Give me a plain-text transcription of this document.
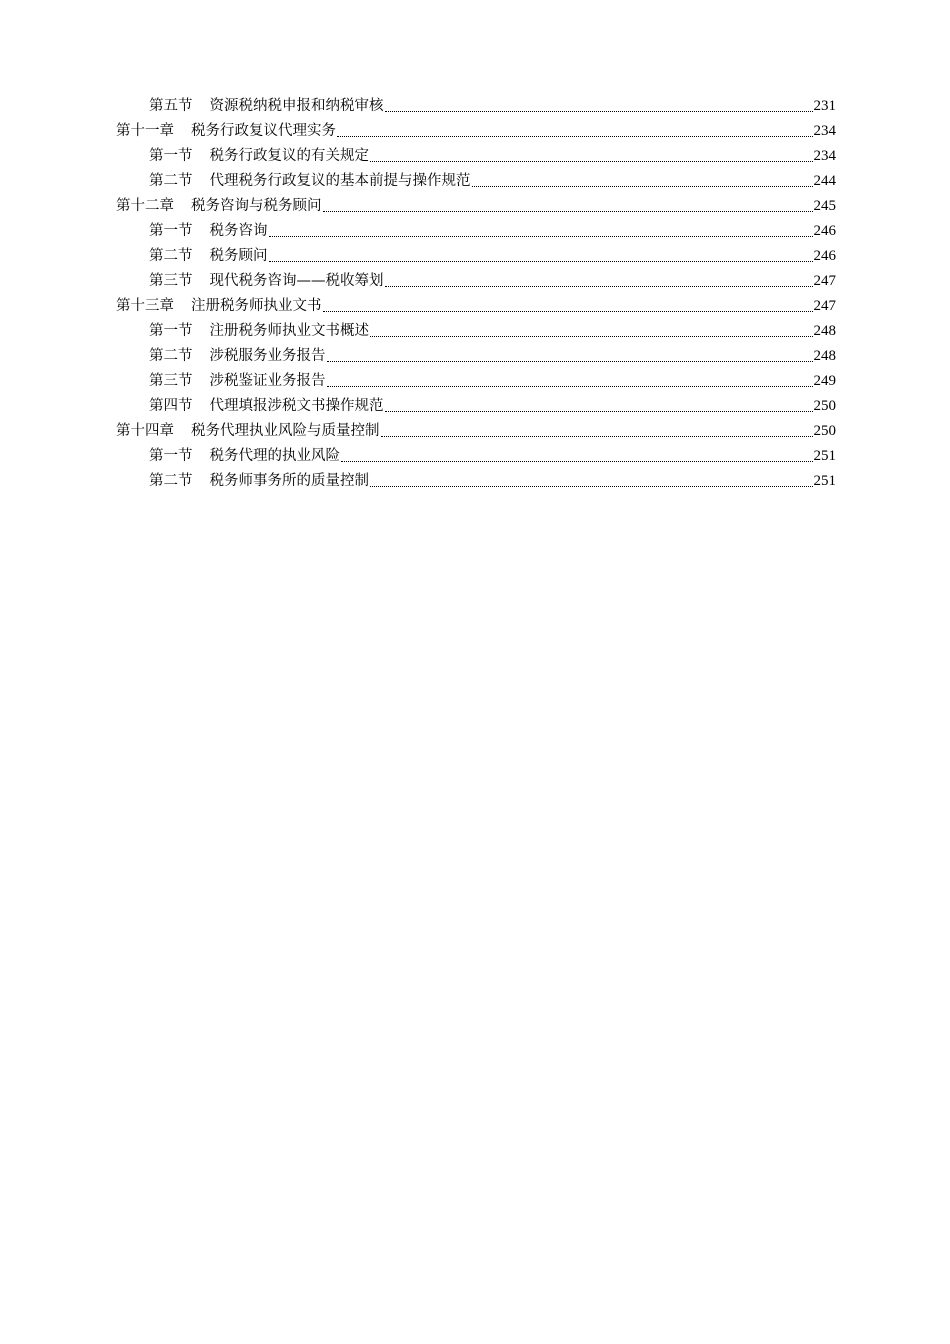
第五节 资源税纳税申报和纳税审核	231
第十一章 税务行政复议代理实务	234
第一节 税务行政复议的有关规定	234
第二节 代理税务行政复议的基本前提与操作规范	244
第十二章 税务咨询与税务顾问	245
第一节 税务咨询	246
第二节 税务顾问	246
第三节 现代税务咨询——税收筹划	247
第十三章 注册税务师执业文书	247
第一节 注册税务师执业文书概述	248
第二节 涉税服务业务报告	248
第三节 涉税鉴证业务报告	249
第四节 代理填报涉税文书操作规范	250
第十四章 税务代理执业风险与质量控制	250
第一节 税务代理的执业风险	251
第二节 税务师事务所的质量控制	251
